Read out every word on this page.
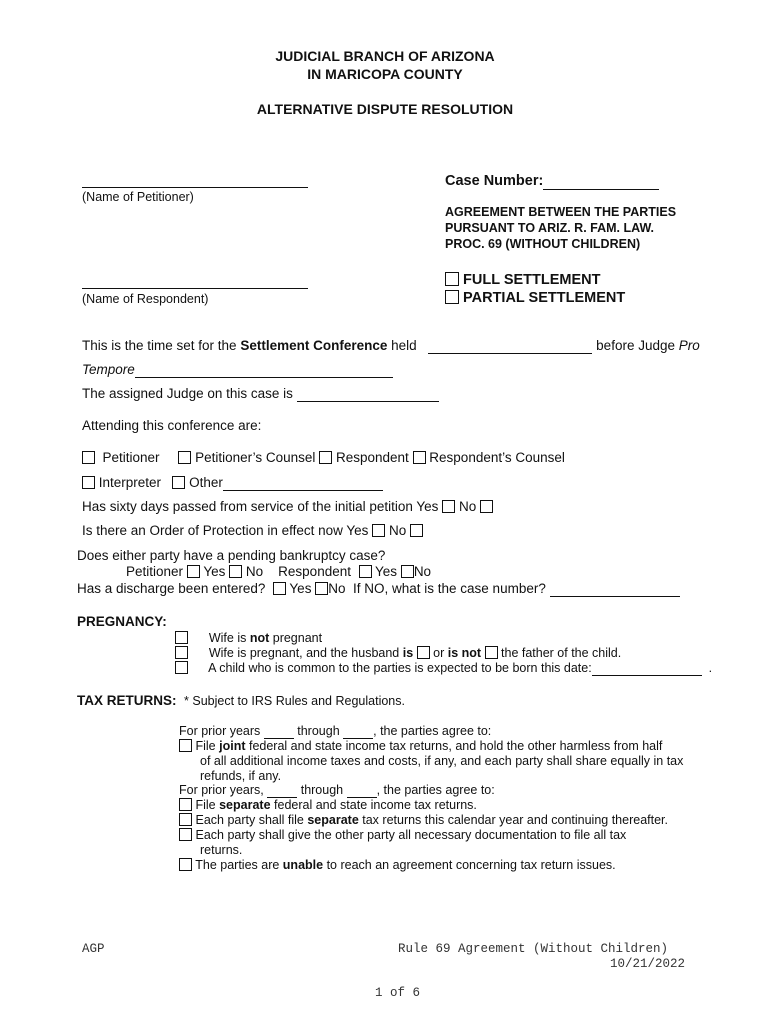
JUDICIAL BRANCH OF ARIZONA
IN MARICOPA COUNTY
ALTERNATIVE DISPUTE RESOLUTION
(Name of Petitioner)
(Name of Respondent)
Case Number:
AGREEMENT BETWEEN THE PARTIES
PURSUANT TO ARIZ. R. FAM. LAW.
PROC. 69 (WITHOUT CHILDREN)
FULL SETTLEMENT
PARTIAL SETTLEMENT
This is the time set for the Settlement Conference held	before Judge Pro
Tempore
The assigned Judge on this case is
Attending this conference are:
Petitioner	Petitioner’s Counsel Respondent Respondent’s Counsel
Interpreter Other
Has sixty days passed from service of the initial petition Yes No
Is there an Order of Protection in effect now Yes No
Does either party have a pending bankruptcy case?
Petitioner Yes No Respondent Yes No
Has a discharge been entered? Yes No If NO, what is the case number?
PREGNANCY:
Wife is not pregnant
Wife is pregnant, and the husband is  or is not  the father of the child.
A child who is common to the parties is expected to be born this date:	.
TAX RETURNS: * Subject to IRS Rules and Regulations.
For prior years	through	, the parties agree to:
File joint federal and state income tax returns, and hold the other harmless from half
of all additional income taxes and costs, if any, and each party shall share equally in tax
refunds, if any.
For prior years,	through	, the parties agree to:
File separate federal and state income tax returns.
Each party shall file separate tax returns this calendar year and continuing thereafter.
Each party shall give the other party all necessary documentation to file all tax
returns.
The parties are unable to reach an agreement concerning tax return issues.
AGP	Rule 69 Agreement (Without Children)
10/21/2022
1 of 6
